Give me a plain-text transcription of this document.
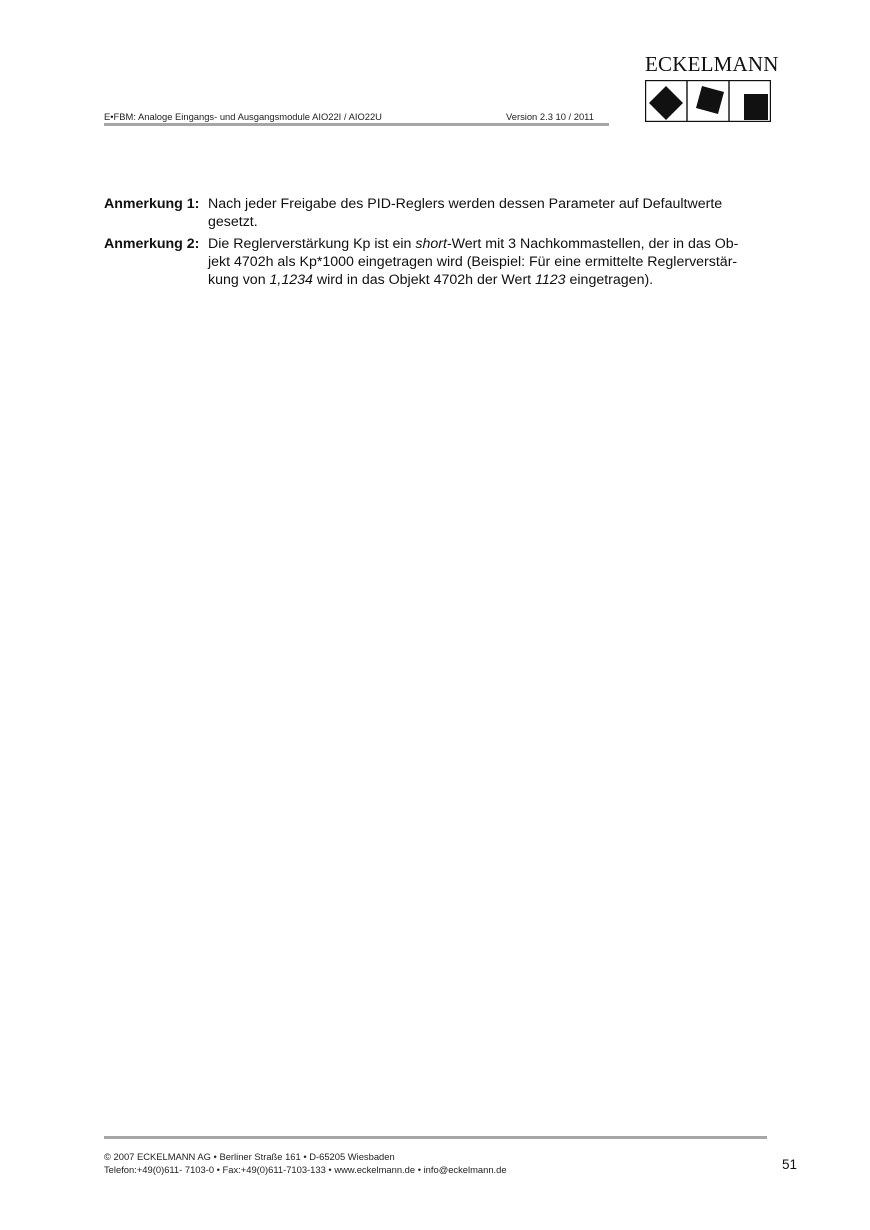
E•FBM: Analoge Eingangs- und Ausgangsmodule AIO22I / AIO22U	Version 2.3 10 / 2011
ECKELMANN
Anmerkung 1: Nach jeder Freigabe des PID-Reglers werden dessen Parameter auf Defaultwerte
gesetzt.
Anmerkung 2: Die Reglerverstärkung Kp ist ein short-Wert mit 3 Nachkommastellen, der in das Ob-
jekt 4702h als Kp*1000 eingetragen wird (Beispiel: Für eine ermittelte Reglerverstär-
kung von 1,1234 wird in das Objekt 4702h der Wert 1123 eingetragen).
© 2007 ECKELMANN AG • Berliner Straße 161 • D-65205 Wiesbaden
Telefon:+49(0)611- 7103-0 • Fax:+49(0)611-7103-133 • www.eckelmann.de • info@eckelmann.de	51
